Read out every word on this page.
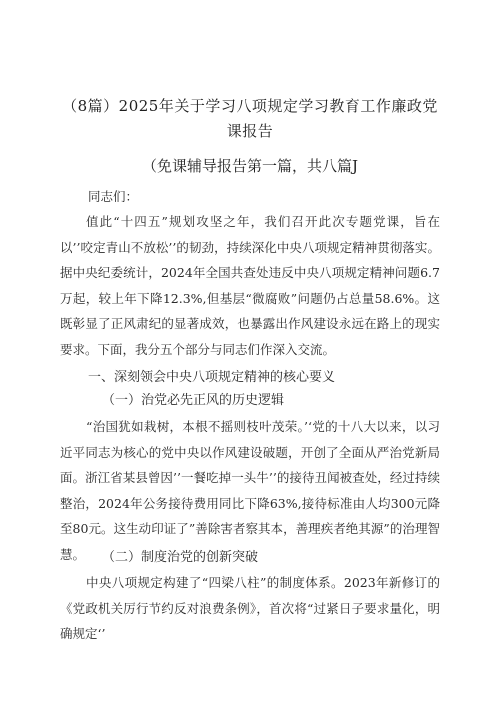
（8篇）2025年关于学习八项规定学习教育工作廉政党
课报告
（免课辅导报告第一篇，共八篇J
同志们：
值此“十四五”规划攻坚之年，我们召开此次专题党课，旨在以’’咬定青山不放松’’的韧劲，持续深化中央八项规定精神贯彻落实。据中央纪委统计，2024年全国共查处违反中央八项规定精神问题6.7万起，较上年下降12.3%,但基层“微腐败”问题仍占总量58.6%。这既彰显了正风肃纪的显著成效，也暴露出作风建设永远在路上的现实要求。下面，我分五个部分与同志们作深入交流。
一、深刻领会中央八项规定精神的核心要义
（一）治党必先正风的历史逻辑
“治国犹如栽树，本根不摇则枝叶茂荣。’‘党的十八大以来，以习近平同志为核心的党中央以作风建设破题，开创了全面从严治党新局面。浙江省某县曾因’’一餐吃掉一头牛’’的接待丑闻被查处，经过持续整治，2024年公务接待费用同比下降63%,接待标准由人均300元降至80元。这生动印证了”善除害者察其本，善理疾者绝其源”的治理智慧。	（二）制度治党的创新突破
中央八项规定构建了“四梁八柱”的制度体系。2023年新修订的《党政机关厉行节约反对浪费条例》，首次将“过紧日子要求量化，明确规定‘’
